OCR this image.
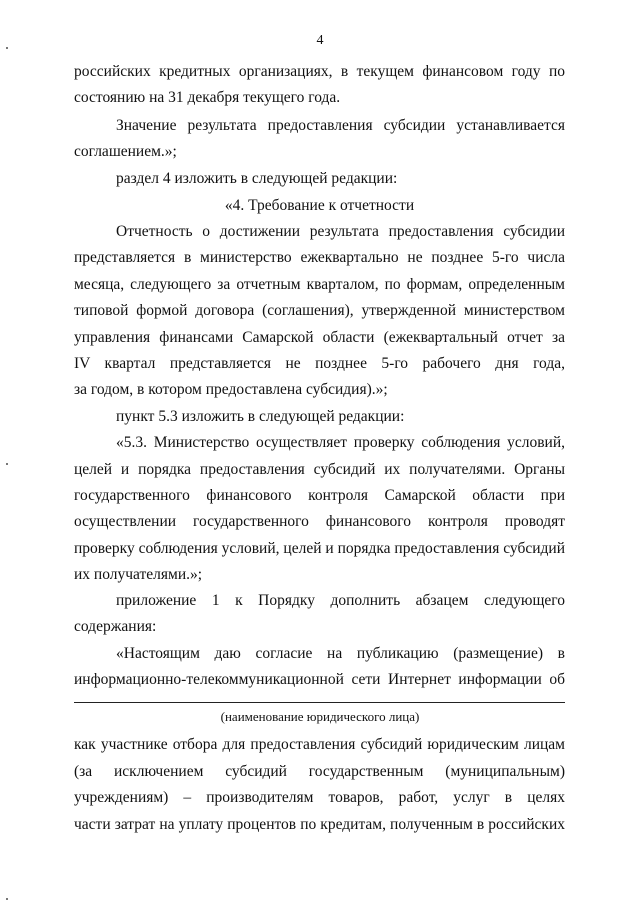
4
российских кредитных организациях, в текущем финансовом году по
состоянию на 31 декабря текущего года.
Значение результата предоставления субсидии устанавливается
соглашением.»;
раздел 4 изложить в следующей редакции:
«4. Требование к отчетности
Отчетность о достижении результата предоставления субсидии
представляется в министерство ежеквартально не позднее 5-го числа
месяца, следующего за отчетным кварталом, по формам, определенным
типовой формой договора (соглашения), утвержденной министерством
управления финансами Самарской области (ежеквартальный отчет за
IV квартал представляется не позднее 5-го рабочего дня года,
за годом, в котором предоставлена субсидия).»;
пункт 5.3 изложить в следующей редакции:
«5.3. Министерство осуществляет проверку соблюдения условий,
целей и порядка предоставления субсидий их получателями. Органы
государственного финансового контроля Самарской области при
осуществлении государственного финансового контроля проводят
проверку соблюдения условий, целей и порядка предоставления субсидий
их получателями.»;
приложение 1 к Порядку дополнить абзацем следующего
содержания:
«Настоящим даю согласие на публикацию (размещение) в
информационно-телекоммуникационной сети Интернет информации об
(наименование юридического лица)
как участнике отбора для предоставления субсидий юридическим лицам
(за исключением субсидий государственным (муниципальным)
учреждениям) – производителям товаров, работ, услуг в целях
части затрат на уплату процентов по кредитам, полученным в российских
